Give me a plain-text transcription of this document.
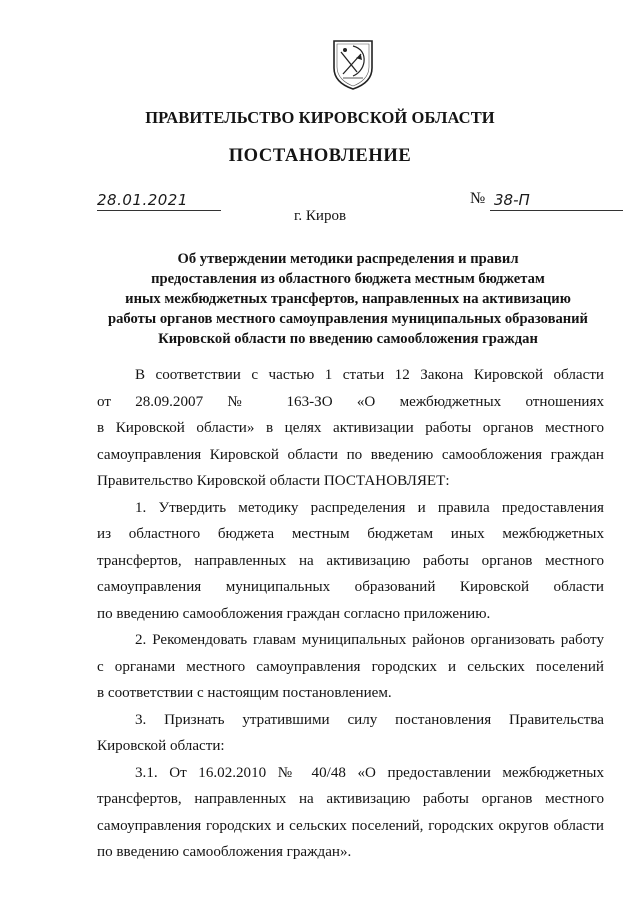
ПРАВИТЕЛЬСТВО КИРОВСКОЙ ОБЛАСТИ
ПОСТАНОВЛЕНИЕ
28.01.2021	№ 38-П
г. Киров
Об утверждении методики распределения и правил
предоставления из областного бюджета местным бюджетам
иных межбюджетных трансфертов, направленных на активизацию
работы органов местного самоуправления муниципальных образований
Кировской области по введению самообложения граждан
В соответствии с частью 1 статьи 12 Закона Кировской области
от 28.09.2007 № 163-ЗО «О межбюджетных отношениях
в Кировской области» в целях активизации работы органов местного
самоуправления Кировской области по введению самообложения граждан
Правительство Кировской области ПОСТАНОВЛЯЕТ:
1. Утвердить методику распределения и правила предоставления
из областного бюджета местным бюджетам иных межбюджетных
трансфертов, направленных на активизацию работы органов местного
самоуправления муниципальных образований Кировской области
по введению самообложения граждан согласно приложению.
2. Рекомендовать главам муниципальных районов организовать работу
с органами местного самоуправления городских и сельских поселений
в соответствии с настоящим постановлением.
3. Признать утратившими силу постановления Правительства
Кировской области:
3.1. От 16.02.2010 № 40/48 «О предоставлении межбюджетных
трансфертов, направленных на активизацию работы органов местного
самоуправления городских и сельских поселений, городских округов области
по введению самообложения граждан».
